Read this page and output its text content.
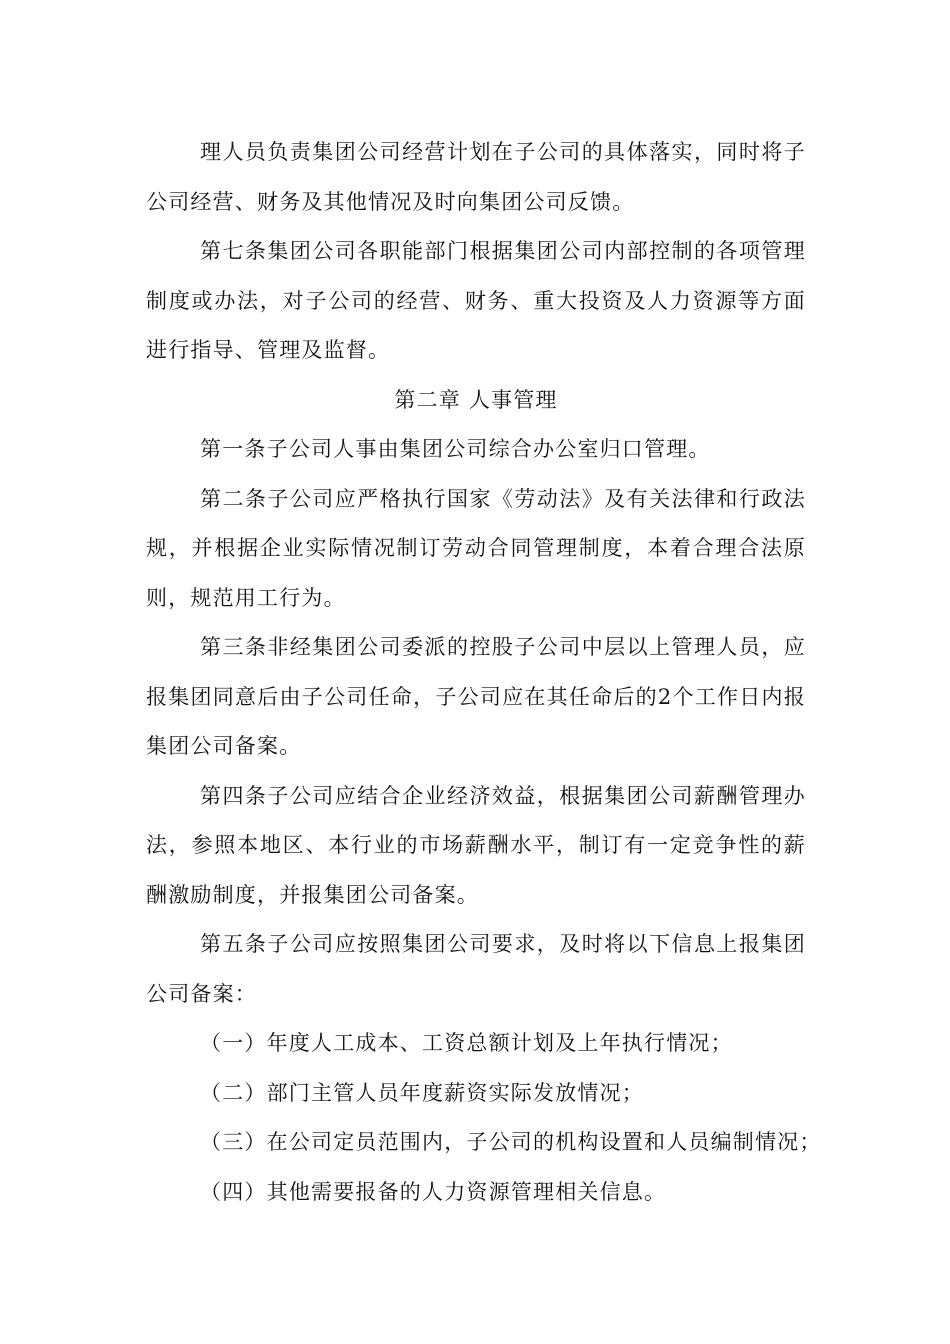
理人员负责集团公司经营计划在子公司的具体落实，同时将子公司经营、财务及其他情况及时向集团公司反馈。

第七条集团公司各职能部门根据集团公司内部控制的各项管理制度或办法，对子公司的经营、财务、重大投资及人力资源等方面进行指导、管理及监督。

第二章 人事管理

第一条子公司人事由集团公司综合办公室归口管理。

第二条子公司应严格执行国家《劳动法》及有关法律和行政法规，并根据企业实际情况制订劳动合同管理制度，本着合理合法原则，规范用工行为。

第三条非经集团公司委派的控股子公司中层以上管理人员，应报集团同意后由子公司任命，子公司应在其任命后的2个工作日内报集团公司备案。

第四条子公司应结合企业经济效益，根据集团公司薪酬管理办法，参照本地区、本行业的市场薪酬水平，制订有一定竞争性的薪酬激励制度，并报集团公司备案。

第五条子公司应按照集团公司要求，及时将以下信息上报集团公司备案：

（一）年度人工成本、工资总额计划及上年执行情况；

（二）部门主管人员年度薪资实际发放情况；

（三）在公司定员范围内，子公司的机构设置和人员编制情况；

（四）其他需要报备的人力资源管理相关信息。
